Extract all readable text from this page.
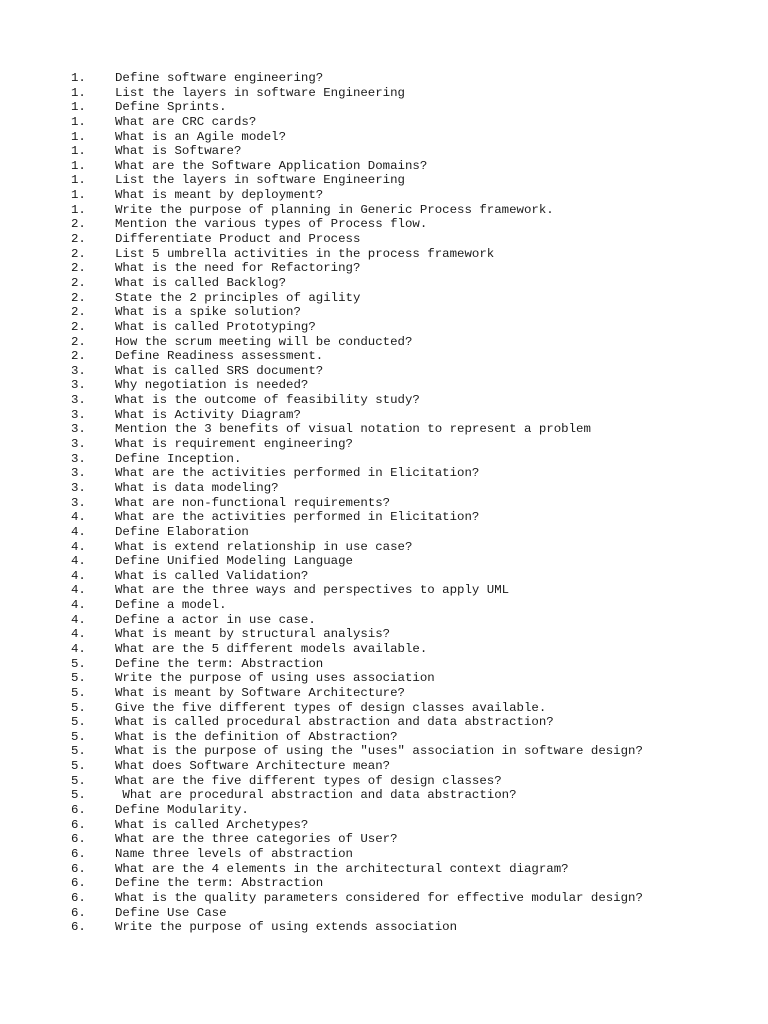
1.	Define software engineering?
1.	List the layers in software Engineering
1.	Define Sprints.
1.	What are CRC cards?
1.	What is an Agile model?
1.	What is Software?
1.	What are the Software Application Domains?
1.	List the layers in software Engineering
1.	What is meant by deployment?
1.	Write the purpose of planning in Generic Process framework.
2.	Mention the various types of Process flow.
2.	Differentiate Product and Process
2.	List 5 umbrella activities in the process framework
2.	What is the need for Refactoring?
2.	What is called Backlog?
2.	State the 2 principles of agility
2.	What is a spike solution?
2.	What is called Prototyping?
2.	How the scrum meeting will be conducted?
2.	Define Readiness assessment.
3.	What is called SRS document?
3.	Why negotiation is needed?
3.	What is the outcome of feasibility study?
3.	What is Activity Diagram?
3.	Mention the 3 benefits of visual notation to represent a problem
3.	What is requirement engineering?
3.	Define Inception.
3.	What are the activities performed in Elicitation?
3.	What is data modeling?
3.	What are non-functional requirements?
4.	What are the activities performed in Elicitation?
4.	Define Elaboration
4.	What is extend relationship in use case?
4.	Define Unified Modeling Language
4.	What is called Validation?
4.	What are the three ways and perspectives to apply UML
4.	Define a model.
4.	Define a actor in use case.
4.	What is meant by structural analysis?
4.	What are the 5 different models available.
5.	Define the term: Abstraction
5.	Write the purpose of using uses association
5.	What is meant by Software Architecture?
5.	Give the five different types of design classes available.
5.	What is called procedural abstraction and data abstraction?
5.	What is the definition of Abstraction?
5.	What is the purpose of using the "uses" association in software design?
5.	What does Software Architecture mean?
5.	What are the five different types of design classes?
5.	What are procedural abstraction and data abstraction?
6.	Define Modularity.
6.	What is called Archetypes?
6.	What are the three categories of User?
6.	Name three levels of abstraction
6.	What are the 4 elements in the architectural context diagram?
6.	Define the term: Abstraction
6.	What is the quality parameters considered for effective modular design?
6.	Define Use Case
6.	Write the purpose of using extends association
